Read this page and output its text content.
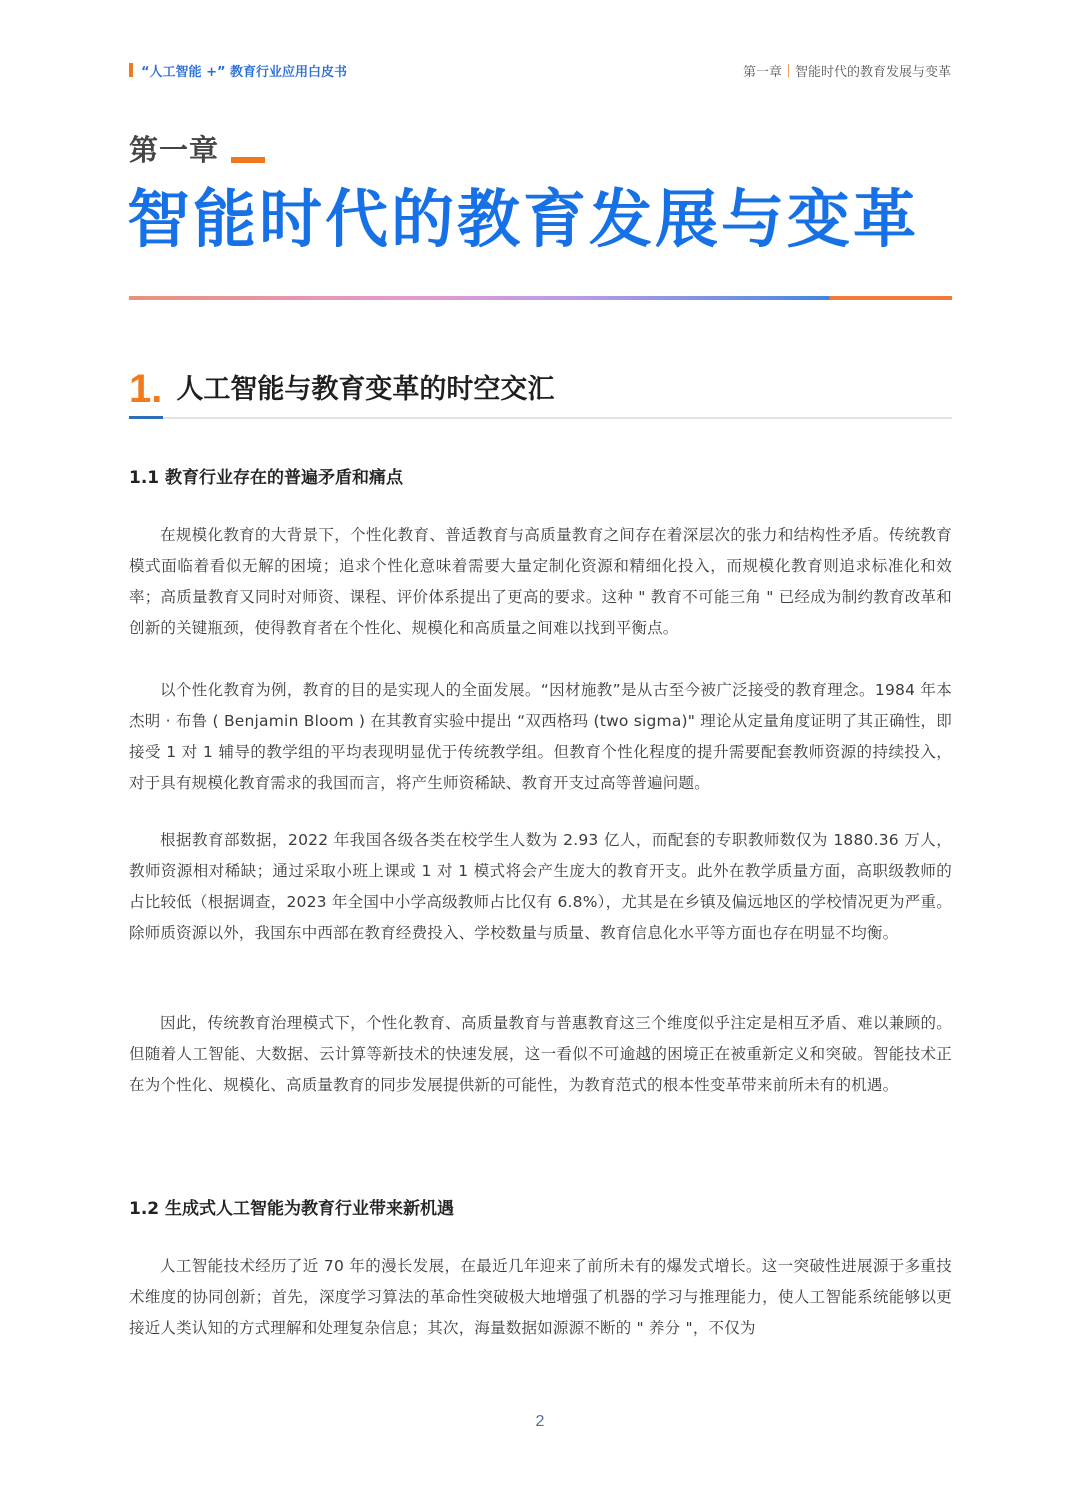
“人工智能 +” 教育行业应用白皮书	第一章 智能时代的教育发展与变革
第一章
智能时代的教育发展与变革
1. 人工智能与教育变革的时空交汇
1.1 教育行业存在的普遍矛盾和痛点

在规模化教育的大背景下，个性化教育、普适教育与高质量教育之间存在着深层次的张力和结构性矛盾。传统教育模式面临着看似无解的困境；追求个性化意味着需要大量定制化资源和精细化投入，而规模化教育则追求标准化和效率；高质量教育又同时对师资、课程、评价体系提出了更高的要求。这种 " 教育不可能三角 " 已经成为制约教育改革和创新的关键瓶颈，使得教育者在个性化、规模化和高质量之间难以找到平衡点。

以个性化教育为例，教育的目的是实现人的全面发展。“因材施教”是从古至今被广泛接受的教育理念。1984 年本杰明 · 布鲁 ( Benjamin Bloom ) 在其教育实验中提出 “双西格玛 (two sigma)" 理论从定量角度证明了其正确性，即接受 1 对 1 辅导的教学组的平均表现明显优于传统教学组。但教育个性化程度的提升需要配套教师资源的持续投入，对于具有规模化教育需求的我国而言，将产生师资稀缺、教育开支过高等普遍问题。

根据教育部数据，2022 年我国各级各类在校学生人数为 2.93 亿人，而配套的专职教师数仅为 1880.36 万人，教师资源相对稀缺；通过采取小班上课或 1 对 1 模式将会产生庞大的教育开支。此外在教学质量方面，高职级教师的占比较低（根据调查，2023 年全国中小学高级教师占比仅有 6.8%），尤其是在乡镇及偏远地区的学校情况更为严重。除师质资源以外，我国东中西部在教育经费投入、学校数量与质量、教育信息化水平等方面也存在明显不均衡。

因此，传统教育治理模式下，个性化教育、高质量教育与普惠教育这三个维度似乎注定是相互矛盾、难以兼顾的。但随着人工智能、大数据、云计算等新技术的快速发展，这一看似不可逾越的困境正在被重新定义和突破。智能技术正在为个性化、规模化、高质量教育的同步发展提供新的可能性，为教育范式的根本性变革带来前所未有的机遇。

1.2 生成式人工智能为教育行业带来新机遇

人工智能技术经历了近 70 年的漫长发展，在最近几年迎来了前所未有的爆发式增长。这一突破性进展源于多重技术维度的协同创新；首先，深度学习算法的革命性突破极大地增强了机器的学习与推理能力，使人工智能系统能够以更接近人类认知的方式理解和处理复杂信息；其次，海量数据如源源不断的 " 养分 "，不仅为

2
